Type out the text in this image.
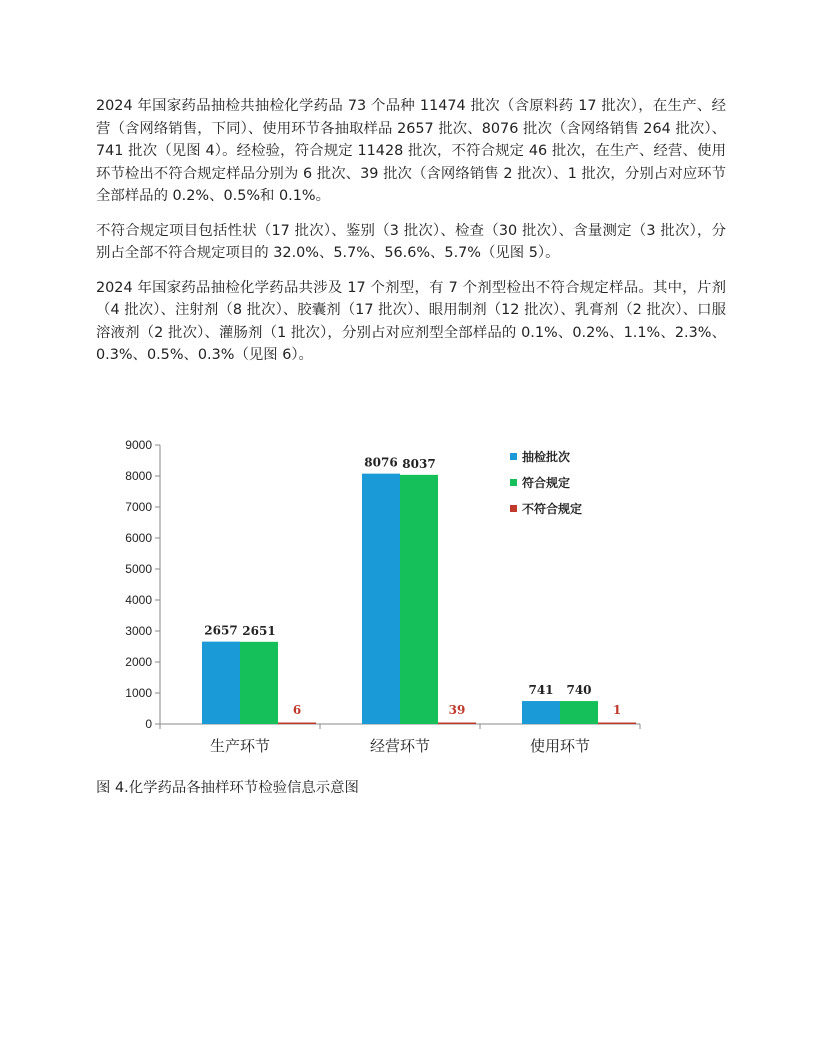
2024 年国家药品抽检共抽检化学药品 73 个品种 11474 批次（含原料药 17 批次），在生产、经营（含网络销售，下同）、使用环节各抽取样品 2657 批次、8076 批次（含网络销售 264 批次）、741 批次（见图 4）。经检验，符合规定 11428 批次，不符合规定 46 批次，在生产、经营、使用环节检出不符合规定样品分别为 6 批次、39 批次（含网络销售 2 批次）、1 批次，分别占对应环节全部样品的 0.2%、0.5%和 0.1%。

不符合规定项目包括性状（17 批次）、鉴别（3 批次）、检查（30 批次）、含量测定（3 批次），分别占全部不符合规定项目的 32.0%、5.7%、56.6%、5.7%（见图 5）。

2024 年国家药品抽检化学药品共涉及 17 个剂型，有 7 个剂型检出不符合规定样品。其中，片剂（4 批次）、注射剂（8 批次）、胶囊剂（17 批次）、眼用制剂（12 批次）、乳膏剂（2 批次）、口服溶液剂（2 批次）、灌肠剂（1 批次），分别占对应剂型全部样品的 0.1%、0.2%、1.1%、2.3%、0.3%、0.5%、0.3%（见图 6）。

0
1000
2000
3000
4000
5000
6000
7000
8000
9000
生产环节
2657 2651
6
经营环节
8076 8037
39
使用环节
741 740
1
抽检批次
符合规定
不符合规定
图 4.化学药品各抽样环节检验信息示意图
